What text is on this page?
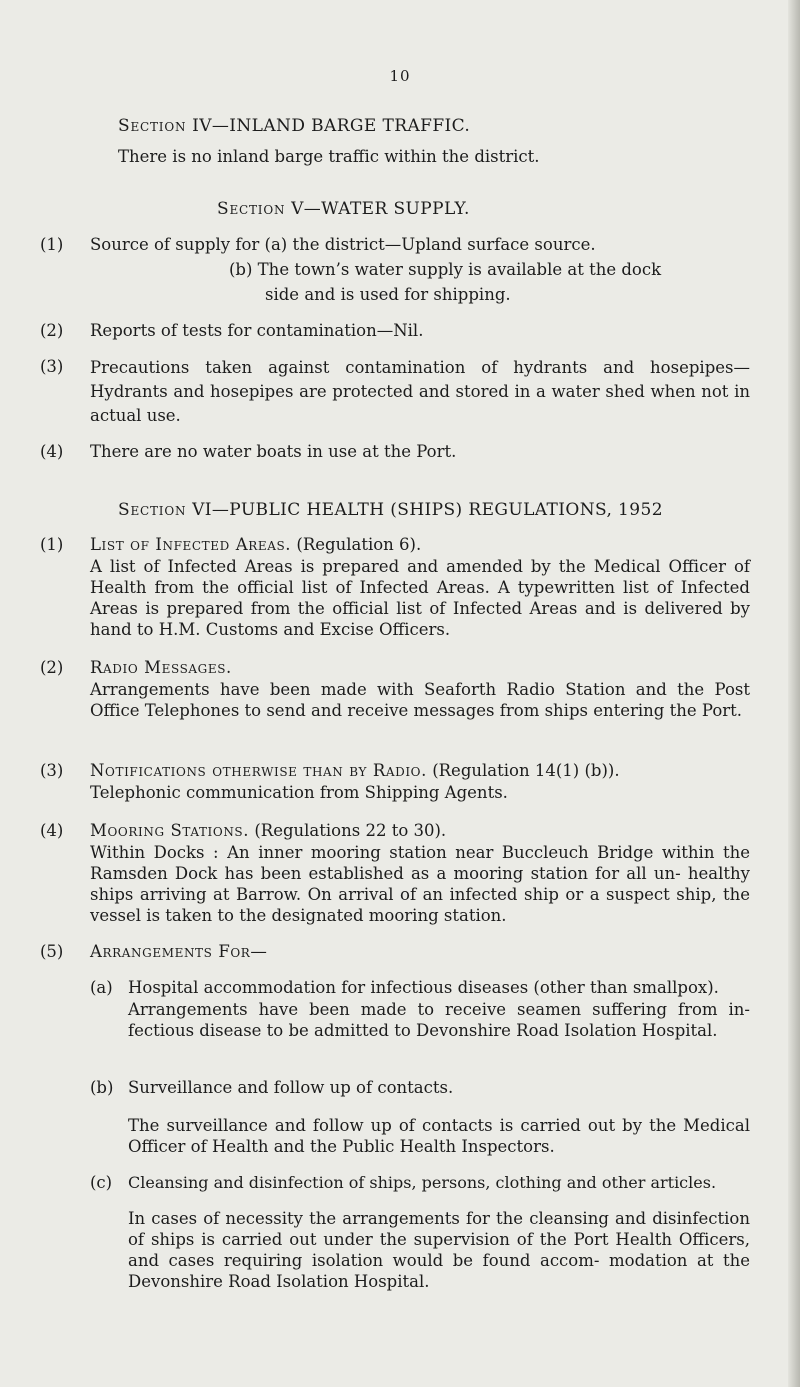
10
Section IV—INLAND BARGE TRAFFIC.
There is no inland barge traffic within the district.
Section V—WATER SUPPLY.
(1) Source of supply for (a) the district—Upland surface source.
(b) The town’s water supply is available at the dock
side and is used for shipping.
(2) Reports of tests for contamination—Nil.
(3) Precautions taken against contamination of hydrants and hosepipes— Hydrants and hosepipes are protected and stored in a water shed when not in actual use.
(4) There are no water boats in use at the Port.
Section VI—PUBLIC HEALTH (SHIPS) REGULATIONS, 1952
(1) List of Infected Areas. (Regulation 6).
A list of Infected Areas is prepared and amended by the Medical Officer of Health from the official list of Infected Areas. A typewritten list of Infected Areas is prepared from the official list of Infected Areas and is delivered by hand to H.M. Customs and Excise Officers.
(2) Radio Messages.
Arrangements have been made with Seaforth Radio Station and the Post Office Telephones to send and receive messages from ships entering the Port.
(3) Notifications otherwise than by Radio. (Regulation 14(1) (b)).
Telephonic communication from Shipping Agents.
(4) Mooring Stations. (Regulations 22 to 30).
Within Docks : An inner mooring station near Buccleuch Bridge within the Ramsden Dock has been established as a mooring station for all un- healthy ships arriving at Barrow. On arrival of an infected ship or a suspect ship, the vessel is taken to the designated mooring station.
(5) Arrangements For—
(a) Hospital accommodation for infectious diseases (other than smallpox).
Arrangements have been made to receive seamen suffering from in- fectious disease to be admitted to Devonshire Road Isolation Hospital.
(b) Surveillance and follow up of contacts.
The surveillance and follow up of contacts is carried out by the Medical Officer of Health and the Public Health Inspectors.
(c) Cleansing and disinfection of ships, persons, clothing and other articles.
In cases of necessity the arrangements for the cleansing and disinfection of ships is carried out under the supervision of the Port Health Officers, and cases requiring isolation would be found accom- modation at the Devonshire Road Isolation Hospital.
